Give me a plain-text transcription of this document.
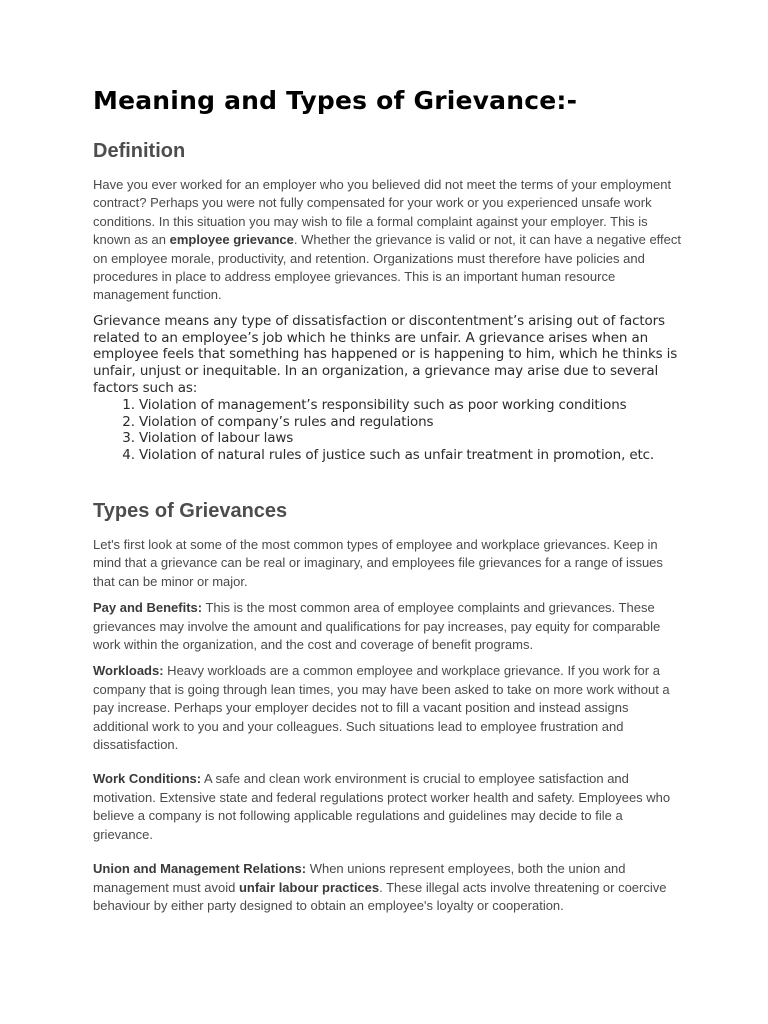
Meaning and Types of Grievance:-
Definition

Have you ever worked for an employer who you believed did not meet the terms of your employment contract? Perhaps you were not fully compensated for your work or you experienced unsafe work conditions. In this situation you may wish to file a formal complaint against your employer. This is known as an employee grievance. Whether the grievance is valid or not, it can have a negative effect on employee morale, productivity, and retention. Organizations must therefore have policies and procedures in place to address employee grievances. This is an important human resource management function.

Grievance means any type of dissatisfaction or discontentment’s arising out of factors related to an employee’s job which he thinks are unfair. A grievance arises when an employee feels that something has happened or is happening to him, which he thinks is unfair, unjust or inequitable. In an organization, a grievance may arise due to several factors such as:

1. Violation of management’s responsibility such as poor working conditions
2. Violation of company’s rules and regulations
3. Violation of labour laws
4. Violation of natural rules of justice such as unfair treatment in promotion, etc.
Types of Grievances

Let's first look at some of the most common types of employee and workplace grievances. Keep in mind that a grievance can be real or imaginary, and employees file grievances for a range of issues that can be minor or major.

Pay and Benefits: This is the most common area of employee complaints and grievances. These grievances may involve the amount and qualifications for pay increases, pay equity for comparable work within the organization, and the cost and coverage of benefit programs.

Workloads: Heavy workloads are a common employee and workplace grievance. If you work for a company that is going through lean times, you may have been asked to take on more work without a pay increase. Perhaps your employer decides not to fill a vacant position and instead assigns additional work to you and your colleagues. Such situations lead to employee frustration and dissatisfaction.

Work Conditions: A safe and clean work environment is crucial to employee satisfaction and motivation. Extensive state and federal regulations protect worker health and safety. Employees who believe a company is not following applicable regulations and guidelines may decide to file a grievance.

Union and Management Relations: When unions represent employees, both the union and management must avoid unfair labour practices. These illegal acts involve threatening or coercive behaviour by either party designed to obtain an employee's loyalty or cooperation.
